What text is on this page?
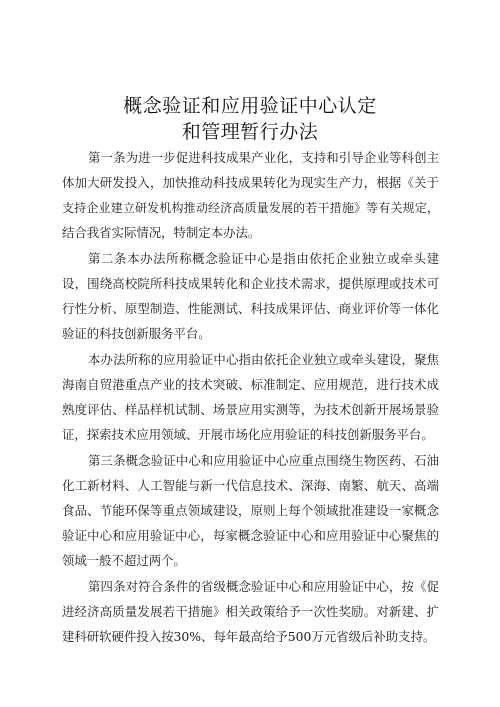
概念验证和应用验证中心认定
和管理暂行办法
第一条为进一步促进科技成果产业化，支持和引导企业等科创主
体加大研发投入，加快推动科技成果转化为现实生产力，根据《关于
支持企业建立研发机构推动经济高质量发展的若干措施》等有关规定，
结合我省实际情况，特制定本办法。
第二条本办法所称概念验证中心是指由依托企业独立或牵头建
设，围绕高校院所科技成果转化和企业技术需求，提供原理或技术可
行性分析、原型制造、性能测试、科技成果评估、商业评价等一体化
验证的科技创新服务平台。
本办法所称的应用验证中心指由依托企业独立或牵头建设，聚焦
海南自贸港重点产业的技术突破、标准制定、应用规范，进行技术成
熟度评估、样品样机试制、场景应用实测等，为技术创新开展场景验
证，探索技术应用领域、开展市场化应用验证的科技创新服务平台。
第三条概念验证中心和应用验证中心应重点围绕生物医药、石油
化工新材料、人工智能与新一代信息技术、深海、南繁、航天、高端
食品、节能环保等重点领域建设，原则上每个领域批准建设一家概念
验证中心和应用验证中心，每家概念验证中心和应用验证中心聚焦的
领域一般不超过两个。
第四条对符合条件的省级概念验证中心和应用验证中心，按《促
进经济高质量发展若干措施》相关政策给予一次性奖励。对新建、扩
建科研软硬件投入按30%、每年最高给予500万元省级后补助支持。
